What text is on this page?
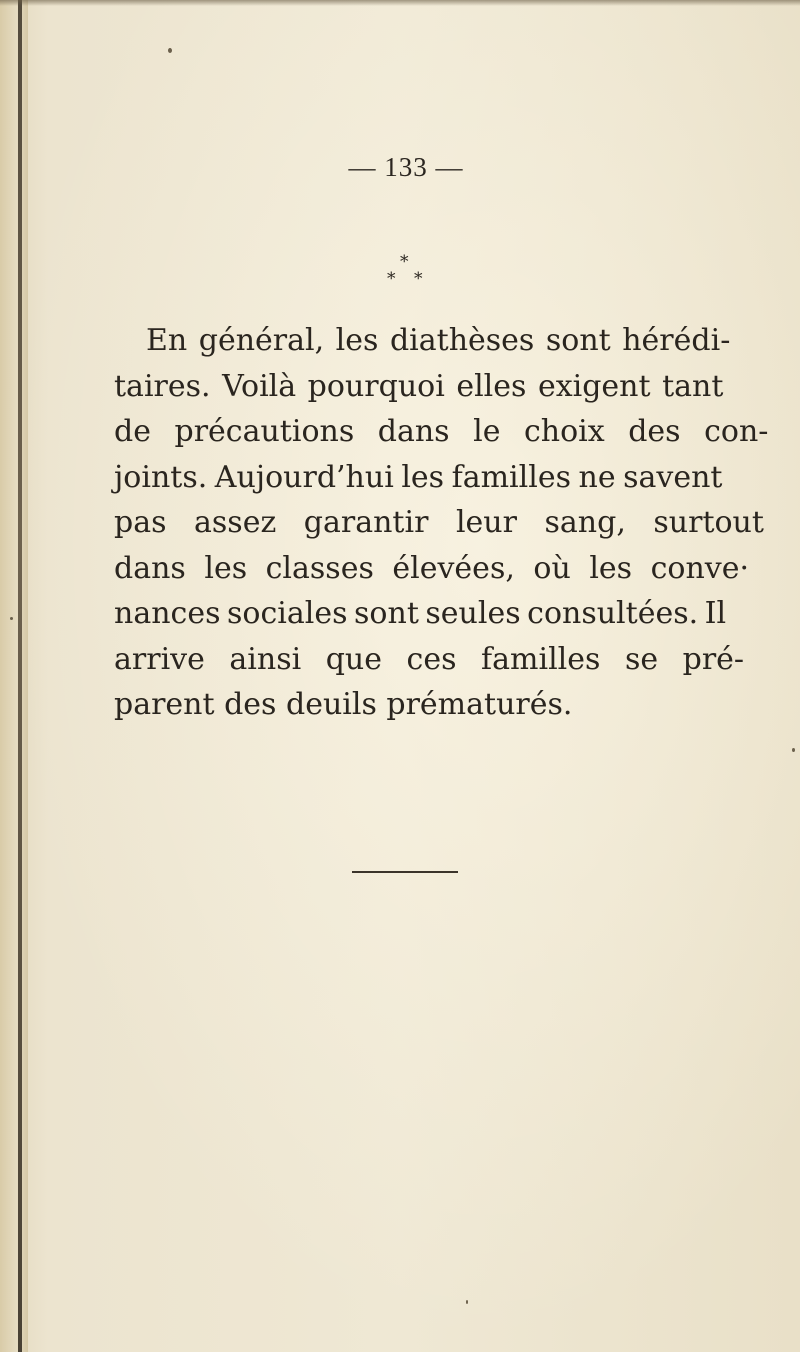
— 133 —
*
* *
En général, les diathèses sont hérédi-
taires. Voilà pourquoi elles exigent tant
de précautions dans le choix des con-
joints. Aujourd’hui les familles ne savent
pas assez garantir leur sang, surtout
dans les classes élevées, où les conve·
nances sociales sont seules consultées. Il
arrive ainsi que ces familles se pré-
parent des deuils prématurés.
